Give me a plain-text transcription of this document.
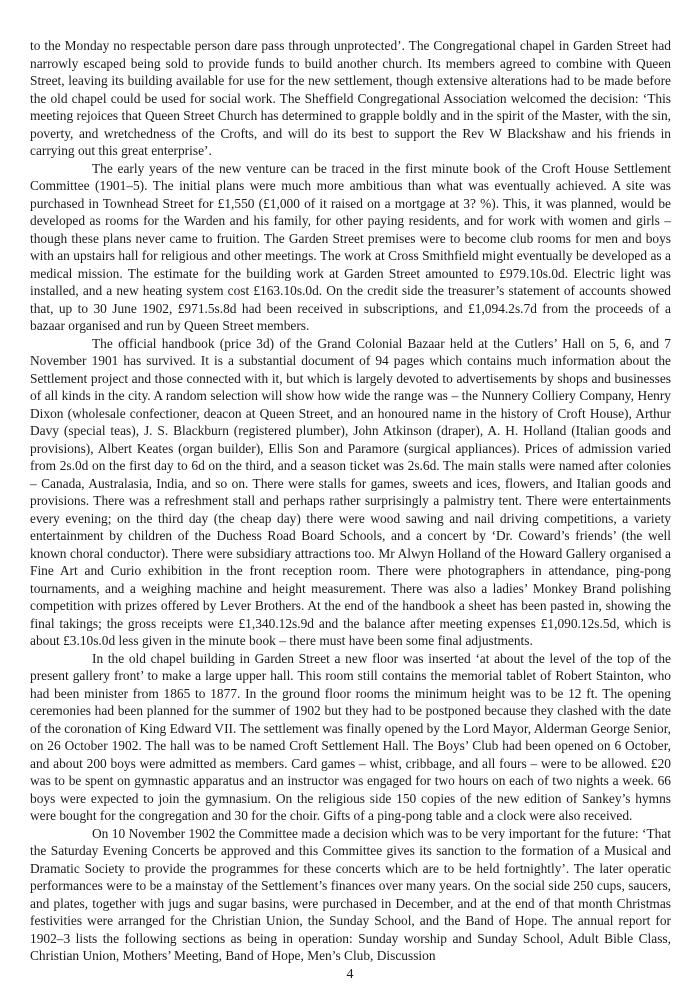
to the Monday no respectable person dare pass through unprotected’. The Congregational chapel in Garden Street had narrowly escaped being sold to provide funds to build another church. Its members agreed to combine with Queen Street, leaving its building available for use for the new settlement, though extensive alterations had to be made before the old chapel could be used for social work. The Sheffield Congregational Association welcomed the decision: ‘This meeting rejoices that Queen Street Church has determined to grapple boldly and in the spirit of the Master, with the sin, poverty, and wretchedness of the Crofts, and will do its best to support the Rev W Blackshaw and his friends in carrying out this great enterprise’.

The early years of the new venture can be traced in the first minute book of the Croft House Settlement Committee (1901–5). The initial plans were much more ambitious than what was eventually achieved. A site was purchased in Townhead Street for £1,550 (£1,000 of it raised on a mortgage at 3? %). This, it was planned, would be developed as rooms for the Warden and his family, for other paying residents, and for work with women and girls – though these plans never came to fruition. The Garden Street premises were to become club rooms for men and boys with an upstairs hall for religious and other meetings. The work at Cross Smithfield might eventually be developed as a medical mission. The estimate for the building work at Garden Street amounted to £979.10s.0d. Electric light was installed, and a new heating system cost £163.10s.0d. On the credit side the treasurer’s statement of accounts showed that, up to 30 June 1902, £971.5s.8d had been received in subscriptions, and £1,094.2s.7d from the proceeds of a bazaar organised and run by Queen Street members.

The official handbook (price 3d) of the Grand Colonial Bazaar held at the Cutlers’ Hall on 5, 6, and 7 November 1901 has survived. It is a substantial document of 94 pages which contains much information about the Settlement project and those connected with it, but which is largely devoted to advertisements by shops and businesses of all kinds in the city. A random selection will show how wide the range was – the Nunnery Colliery Company, Henry Dixon (wholesale confectioner, deacon at Queen Street, and an honoured name in the history of Croft House), Arthur Davy (special teas), J. S. Blackburn (registered plumber), John Atkinson (draper), A. H. Holland (Italian goods and provisions), Albert Keates (organ builder), Ellis Son and Paramore (surgical appliances). Prices of admission varied from 2s.0d on the first day to 6d on the third, and a season ticket was 2s.6d. The main stalls were named after colonies – Canada, Australasia, India, and so on. There were stalls for games, sweets and ices, flowers, and Italian goods and provisions. There was a refreshment stall and perhaps rather surprisingly a palmistry tent. There were entertainments every evening; on the third day (the cheap day) there were wood sawing and nail driving competitions, a variety entertainment by children of the Duchess Road Board Schools, and a concert by ‘Dr. Coward’s friends’ (the well known choral conductor). There were subsidiary attractions too. Mr Alwyn Holland of the Howard Gallery organised a Fine Art and Curio exhibition in the front reception room. There were photographers in attendance, ping-pong tournaments, and a weighing machine and height measurement. There was also a ladies’ Monkey Brand polishing competition with prizes offered by Lever Brothers. At the end of the handbook a sheet has been pasted in, showing the final takings; the gross receipts were £1,340.12s.9d and the balance after meeting expenses £1,090.12s.5d, which is about £3.10s.0d less given in the minute book – there must have been some final adjustments.

In the old chapel building in Garden Street a new floor was inserted ‘at about the level of the top of the present gallery front’ to make a large upper hall. This room still contains the memorial tablet of Robert Stainton, who had been minister from 1865 to 1877. In the ground floor rooms the minimum height was to be 12 ft. The opening ceremonies had been planned for the summer of 1902 but they had to be postponed because they clashed with the date of the coronation of King Edward VII. The settlement was finally opened by the Lord Mayor, Alderman George Senior, on 26 October 1902. The hall was to be named Croft Settlement Hall. The Boys’ Club had been opened on 6 October, and about 200 boys were admitted as members. Card games – whist, cribbage, and all fours – were to be allowed. £20 was to be spent on gymnastic apparatus and an instructor was engaged for two hours on each of two nights a week. 66 boys were expected to join the gymnasium. On the religious side 150 copies of the new edition of Sankey’s hymns were bought for the congregation and 30 for the choir. Gifts of a ping-pong table and a clock were also received.

On 10 November 1902 the Committee made a decision which was to be very important for the future: ‘That the Saturday Evening Concerts be approved and this Committee gives its sanction to the formation of a Musical and Dramatic Society to provide the programmes for these concerts which are to be held fortnightly’. The later operatic performances were to be a mainstay of the Settlement’s finances over many years. On the social side 250 cups, saucers, and plates, together with jugs and sugar basins, were purchased in December, and at the end of that month Christmas festivities were arranged for the Christian Union, the Sunday School, and the Band of Hope. The annual report for 1902–3 lists the following sections as being in operation: Sunday worship and Sunday School, Adult Bible Class, Christian Union, Mothers’ Meeting, Band of Hope, Men’s Club, Discussion

4
